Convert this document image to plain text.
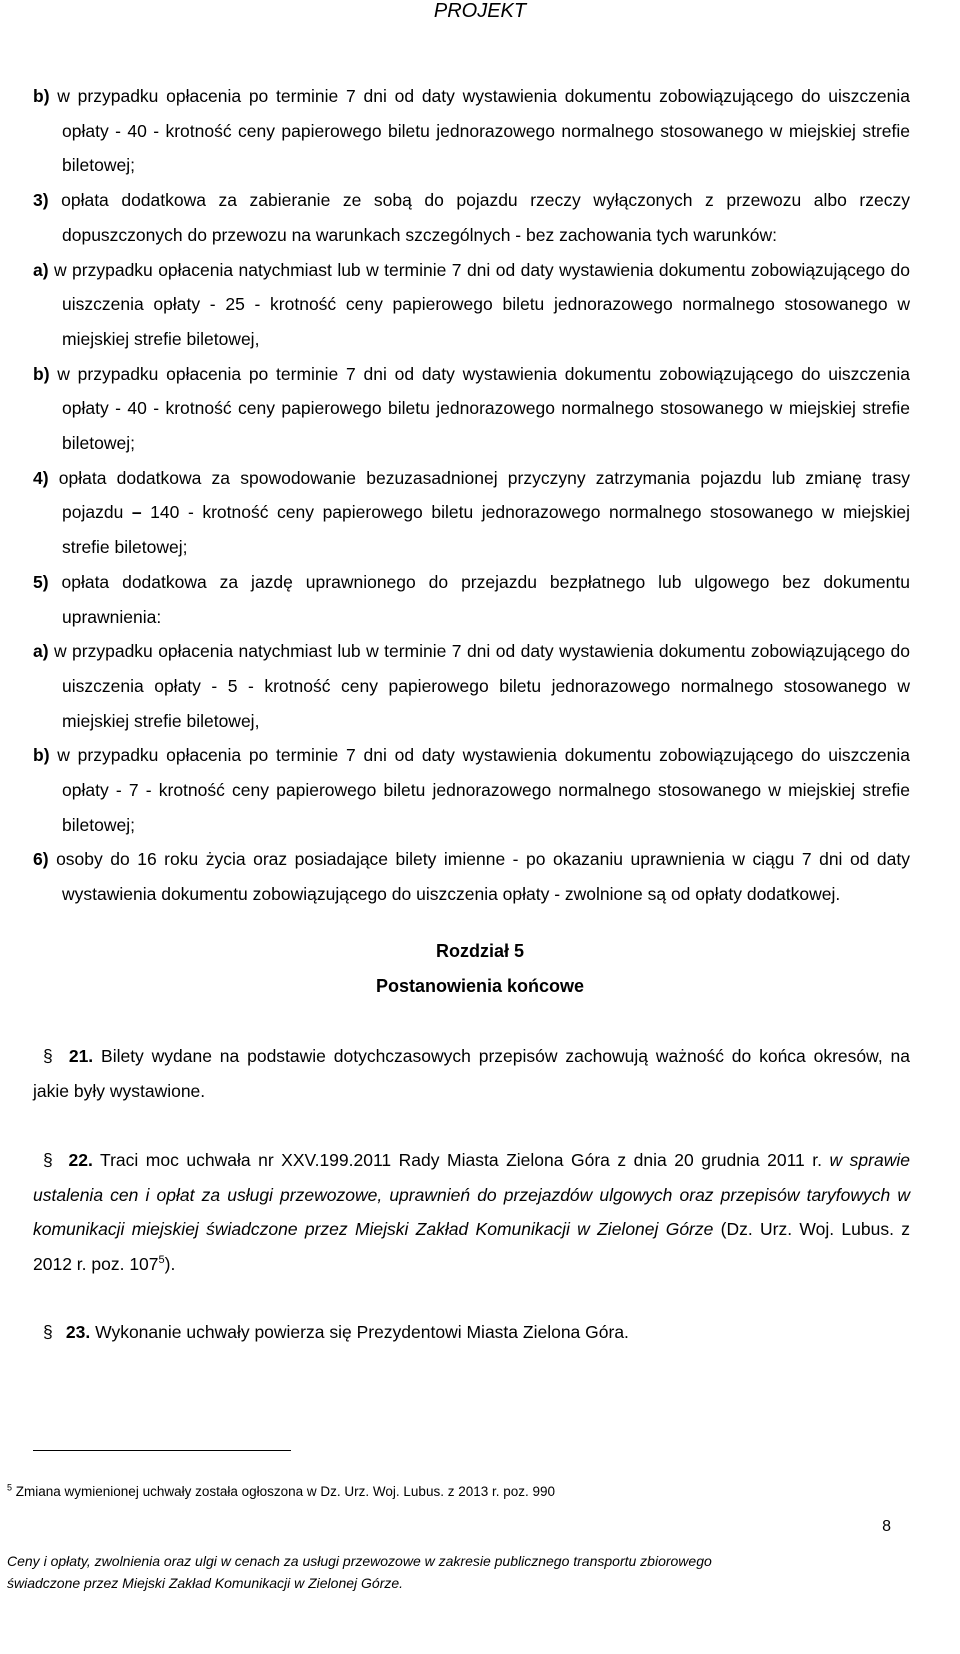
PROJEKT
b) w przypadku opłacenia po terminie 7 dni od daty wystawienia dokumentu zobowiązującego do uiszczenia opłaty - 40 - krotność ceny papierowego biletu jednorazowego normalnego stosowanego w miejskiej strefie biletowej;
3) opłata dodatkowa za zabieranie ze sobą do pojazdu rzeczy wyłączonych z przewozu albo rzeczy dopuszczonych do przewozu na warunkach szczególnych - bez zachowania tych warunków:
a) w przypadku opłacenia natychmiast lub w terminie 7 dni od daty wystawienia dokumentu zobowiązującego do uiszczenia opłaty - 25 - krotność ceny papierowego biletu jednorazowego normalnego stosowanego w miejskiej strefie biletowej,
b) w przypadku opłacenia po terminie 7 dni od daty wystawienia dokumentu zobowiązującego do uiszczenia opłaty - 40 - krotność ceny papierowego biletu jednorazowego normalnego stosowanego w miejskiej strefie biletowej;
4) opłata dodatkowa za spowodowanie bezuzasadnionej przyczyny zatrzymania pojazdu lub zmianę trasy pojazdu – 140 - krotność ceny papierowego biletu jednorazowego normalnego stosowanego w miejskiej strefie biletowej;
5) opłata dodatkowa za jazdę uprawnionego do przejazdu bezpłatnego lub ulgowego bez dokumentu uprawnienia:
a) w przypadku opłacenia natychmiast lub w terminie 7 dni od daty wystawienia dokumentu zobowiązującego do uiszczenia opłaty - 5 - krotność ceny papierowego biletu jednorazowego normalnego stosowanego w miejskiej strefie biletowej,
b) w przypadku opłacenia po terminie 7 dni od daty wystawienia dokumentu zobowiązującego do uiszczenia opłaty - 7 - krotność ceny papierowego biletu jednorazowego normalnego stosowanego w miejskiej strefie biletowej;
6) osoby do 16 roku życia oraz posiadające bilety imienne - po okazaniu uprawnienia w ciągu 7 dni od daty wystawienia dokumentu zobowiązującego do uiszczenia opłaty - zwolnione są od opłaty dodatkowej.
Rozdział 5
Postanowienia końcowe
§ 21. Bilety wydane na podstawie dotychczasowych przepisów zachowują ważność do końca okresów, na jakie były wystawione.
§ 22. Traci moc uchwała nr XXV.199.2011 Rady Miasta Zielona Góra z dnia 20 grudnia 2011 r. w sprawie ustalenia cen i opłat za usługi przewozowe, uprawnień do przejazdów ulgowych oraz przepisów taryfowych w komunikacji miejskiej świadczone przez Miejski Zakład Komunikacji w Zielonej Górze (Dz. Urz. Woj. Lubus. z 2012 r. poz. $107^5$).
§ 23. Wykonanie uchwały powierza się Prezydentowi Miasta Zielona Góra.
$^5$ Zmiana wymienionej uchwały została ogłoszona w Dz. Urz. Woj. Lubus. z 2013 r. poz. 990
8
Ceny i opłaty, zwolnienia oraz ulgi w cenach za usługi przewozowe w zakresie publicznego transportu zbiorowego
świadczone przez Miejski Zakład Komunikacji w Zielonej Górze.
